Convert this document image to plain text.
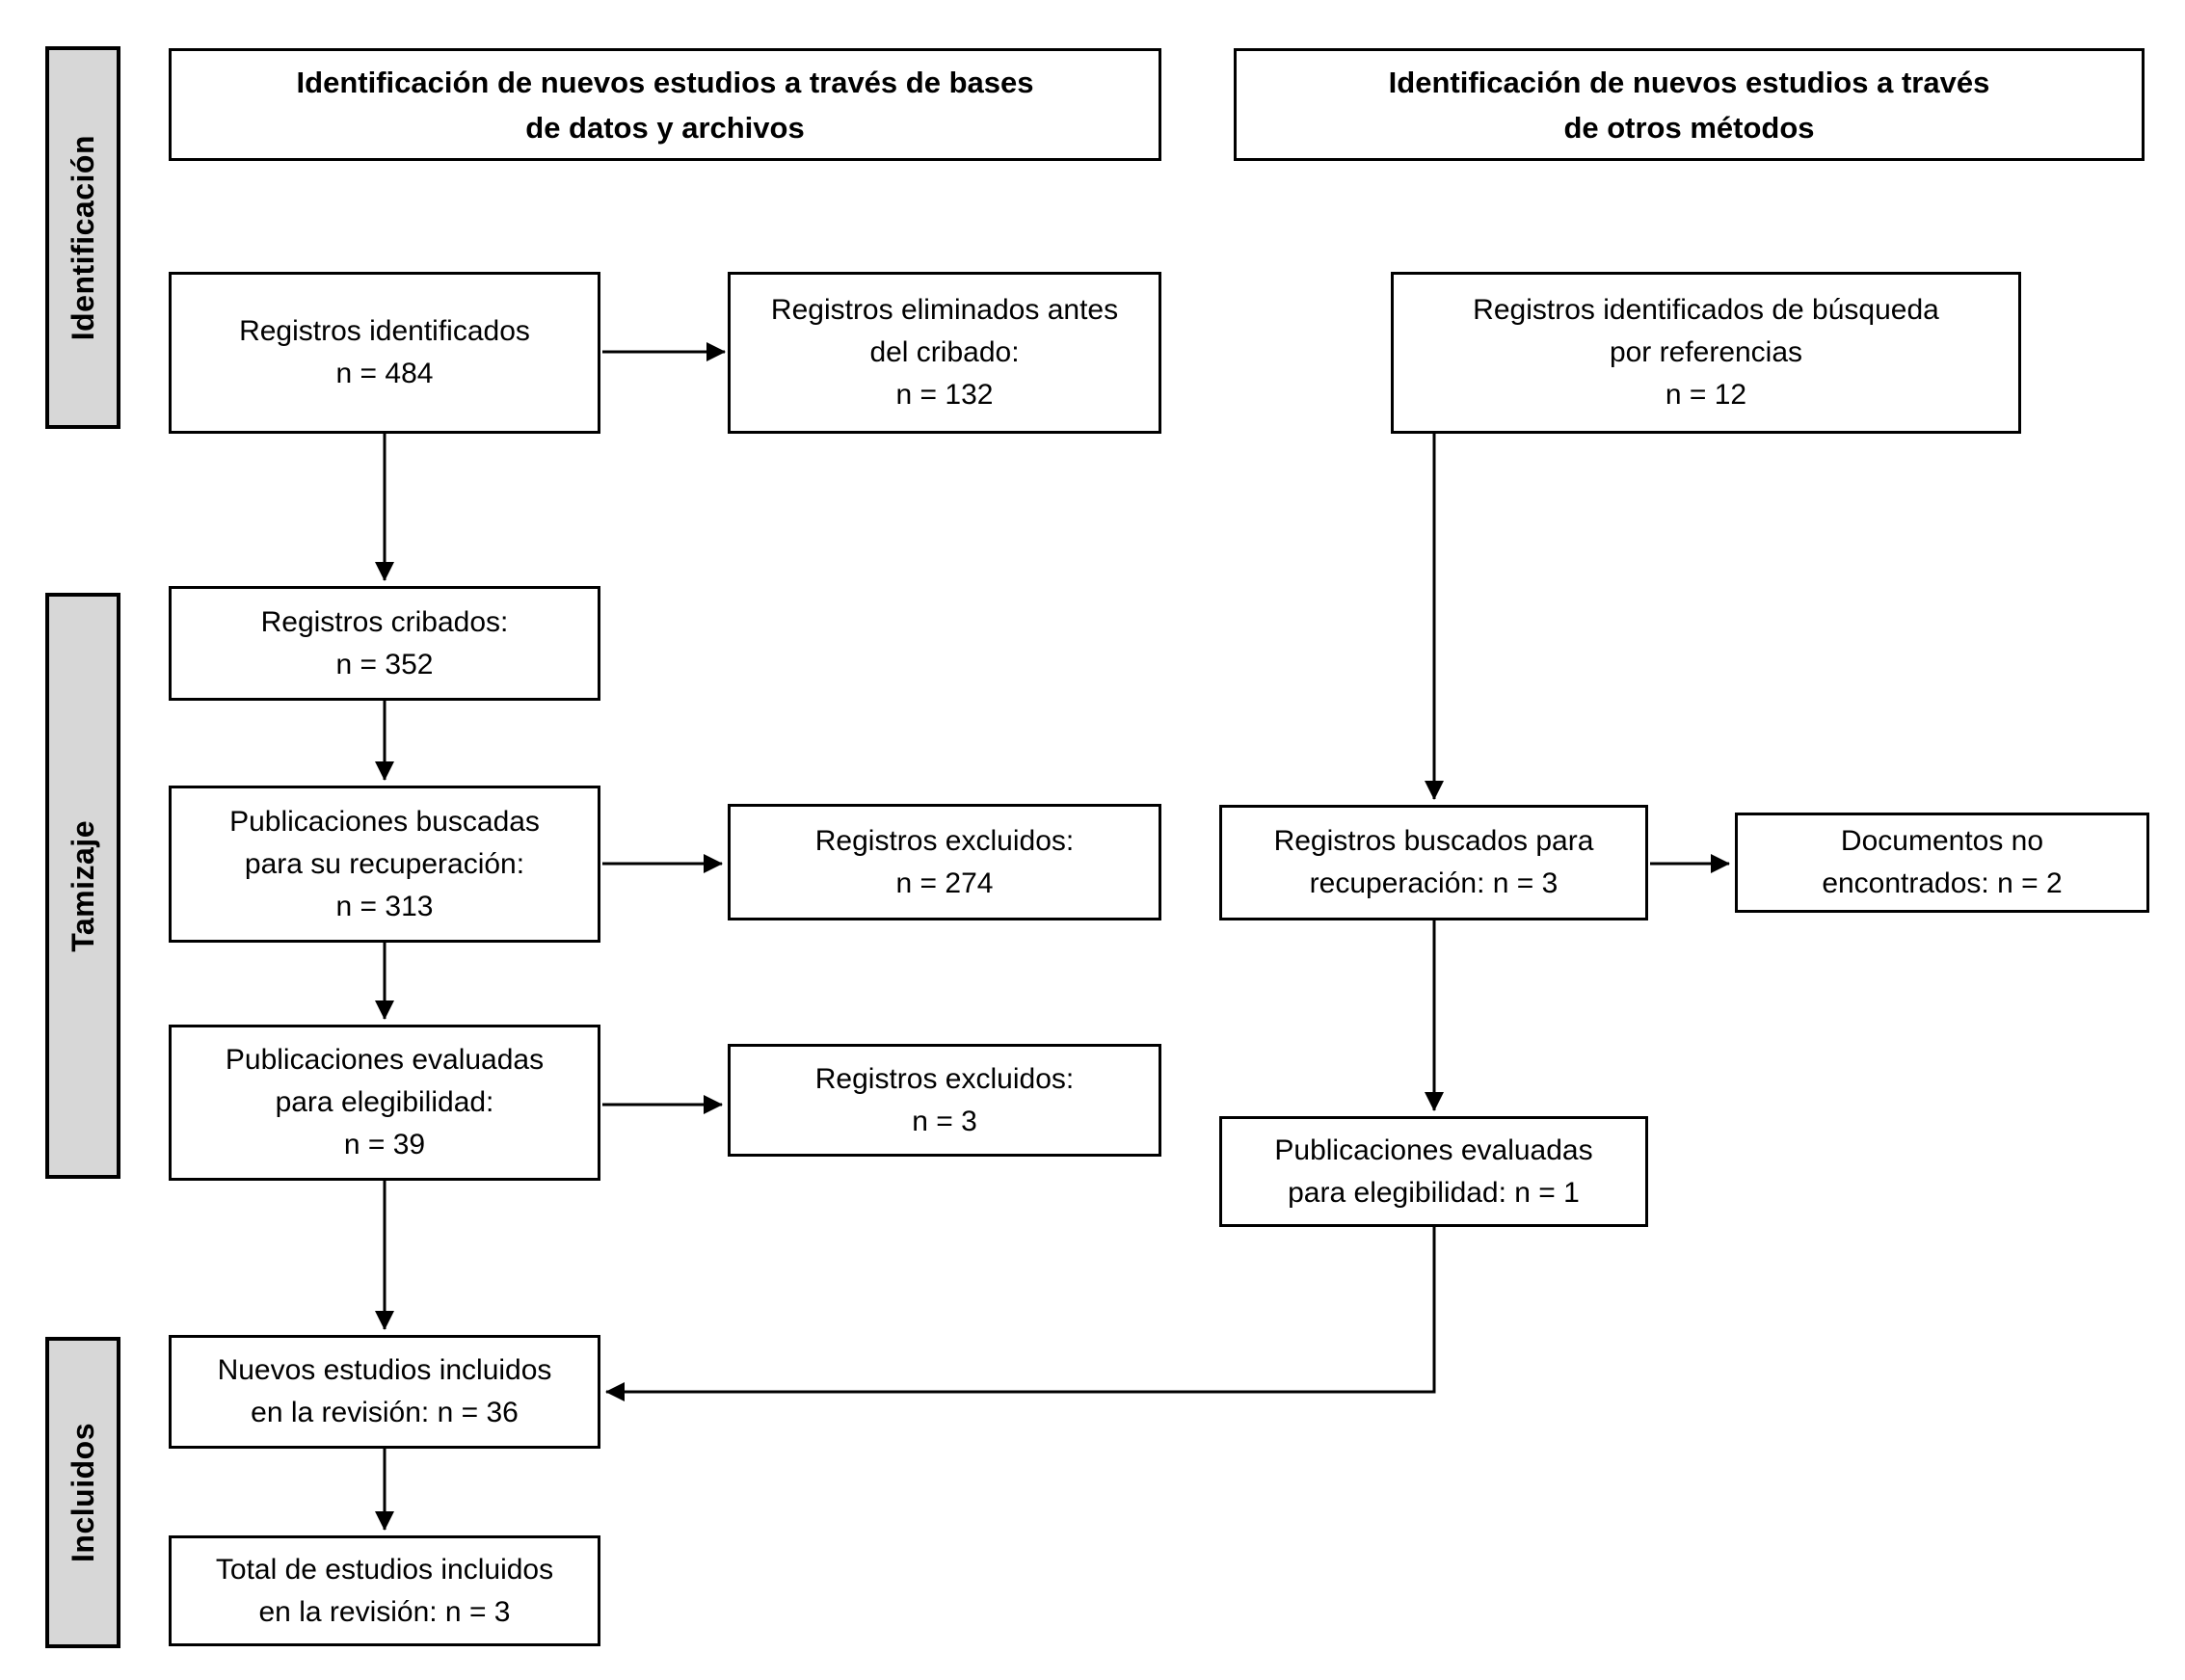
Identificación
Tamizaje
Incluidos
Identificación de nuevos estudios a través de bases
de datos y archivos
Identificación de nuevos estudios a través
de otros métodos
Registros identificados
n = 484
Registros cribados:
n = 352
Publicaciones buscadas
para su recuperación:
n = 313
Publicaciones evaluadas
para elegibilidad:
n = 39
Nuevos estudios incluidos
en la revisión: n = 36
Total de estudios incluidos
en la revisión: n = 3
Registros eliminados antes
del cribado:
n = 132
Registros excluidos:
n = 274
Registros excluidos:
n = 3
Registros identificados de búsqueda
por referencias
n = 12
Registros buscados para
recuperación: n = 3
Documentos no
encontrados: n = 2
Publicaciones evaluadas
para elegibilidad: n = 1
